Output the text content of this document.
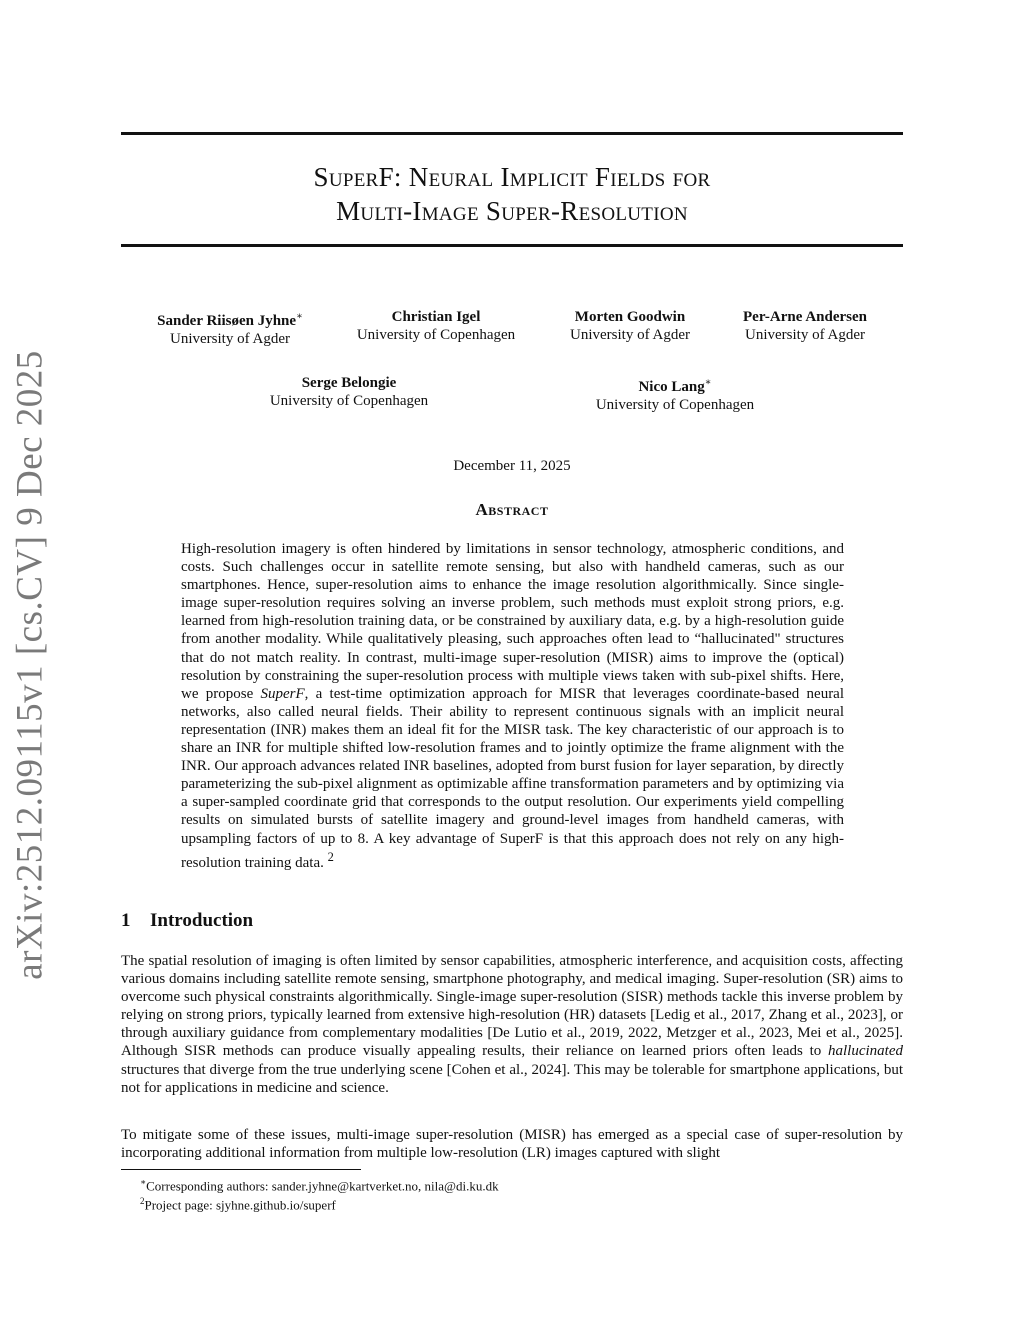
arXiv:2512.09115v1 [cs.CV] 9 Dec 2025
SuperF: Neural Implicit Fields for
Multi-Image Super-Resolution
Sander Riisøen Jyhne∗
University of Agder
Christian Igel
University of Copenhagen
Morten Goodwin
University of Agder
Per-Arne Andersen
University of Agder
Serge Belongie
University of Copenhagen
Nico Lang∗
University of Copenhagen
December 11, 2025
Abstract

High-resolution imagery is often hindered by limitations in sensor technology, atmospheric conditions, and costs. Such challenges occur in satellite remote sensing, but also with handheld cameras, such as our smartphones. Hence, super-resolution aims to enhance the image resolution algorithmically. Since single-image super-resolution requires solving an inverse problem, such methods must exploit strong priors, e.g. learned from high-resolution training data, or be constrained by auxiliary data, e.g. by a high-resolution guide from another modality. While qualitatively pleasing, such approaches often lead to “hallucinated" structures that do not match reality. In contrast, multi-image super-resolution (MISR) aims to improve the (optical) resolution by constraining the super-resolution process with multiple views taken with sub-pixel shifts. Here, we propose SuperF, a test-time optimization approach for MISR that leverages coordinate-based neural networks, also called neural fields. Their ability to represent continuous signals with an implicit neural representation (INR) makes them an ideal fit for the MISR task. The key characteristic of our approach is to share an INR for multiple shifted low-resolution frames and to jointly optimize the frame alignment with the INR. Our approach advances related INR baselines, adopted from burst fusion for layer separation, by directly parameterizing the sub-pixel alignment as optimizable affine transformation parameters and by optimizing via a super-sampled coordinate grid that corresponds to the output resolution. Our experiments yield compelling results on simulated bursts of satellite imagery and ground-level images from handheld cameras, with upsampling factors of up to 8. A key advantage of SuperF is that this approach does not rely on any high-resolution training data. $^2$

1 Introduction

The spatial resolution of imaging is often limited by sensor capabilities, atmospheric interference, and acquisition costs, affecting various domains including satellite remote sensing, smartphone photography, and medical imaging. Super-resolution (SR) aims to overcome such physical constraints algorithmically. Single-image super-resolution (SISR) methods tackle this inverse problem by relying on strong priors, typically learned from extensive high-resolution (HR) datasets [Ledig et al., 2017, Zhang et al., 2023], or through auxiliary guidance from complementary modalities [De Lutio et al., 2019, 2022, Metzger et al., 2023, Mei et al., 2025]. Although SISR methods can produce visually appealing results, their reliance on learned priors often leads to hallucinated structures that diverge from the true underlying scene [Cohen et al., 2024]. This may be tolerable for smartphone applications, but not for applications in medicine and science.

To mitigate some of these issues, multi-image super-resolution (MISR) has emerged as a special case of super-resolution by incorporating additional information from multiple low-resolution (LR) images captured with slight

∗Corresponding authors: sander.jyhne@kartverket.no, nila@di.ku.dk
$^2$Project page: sjyhne.github.io/superf
